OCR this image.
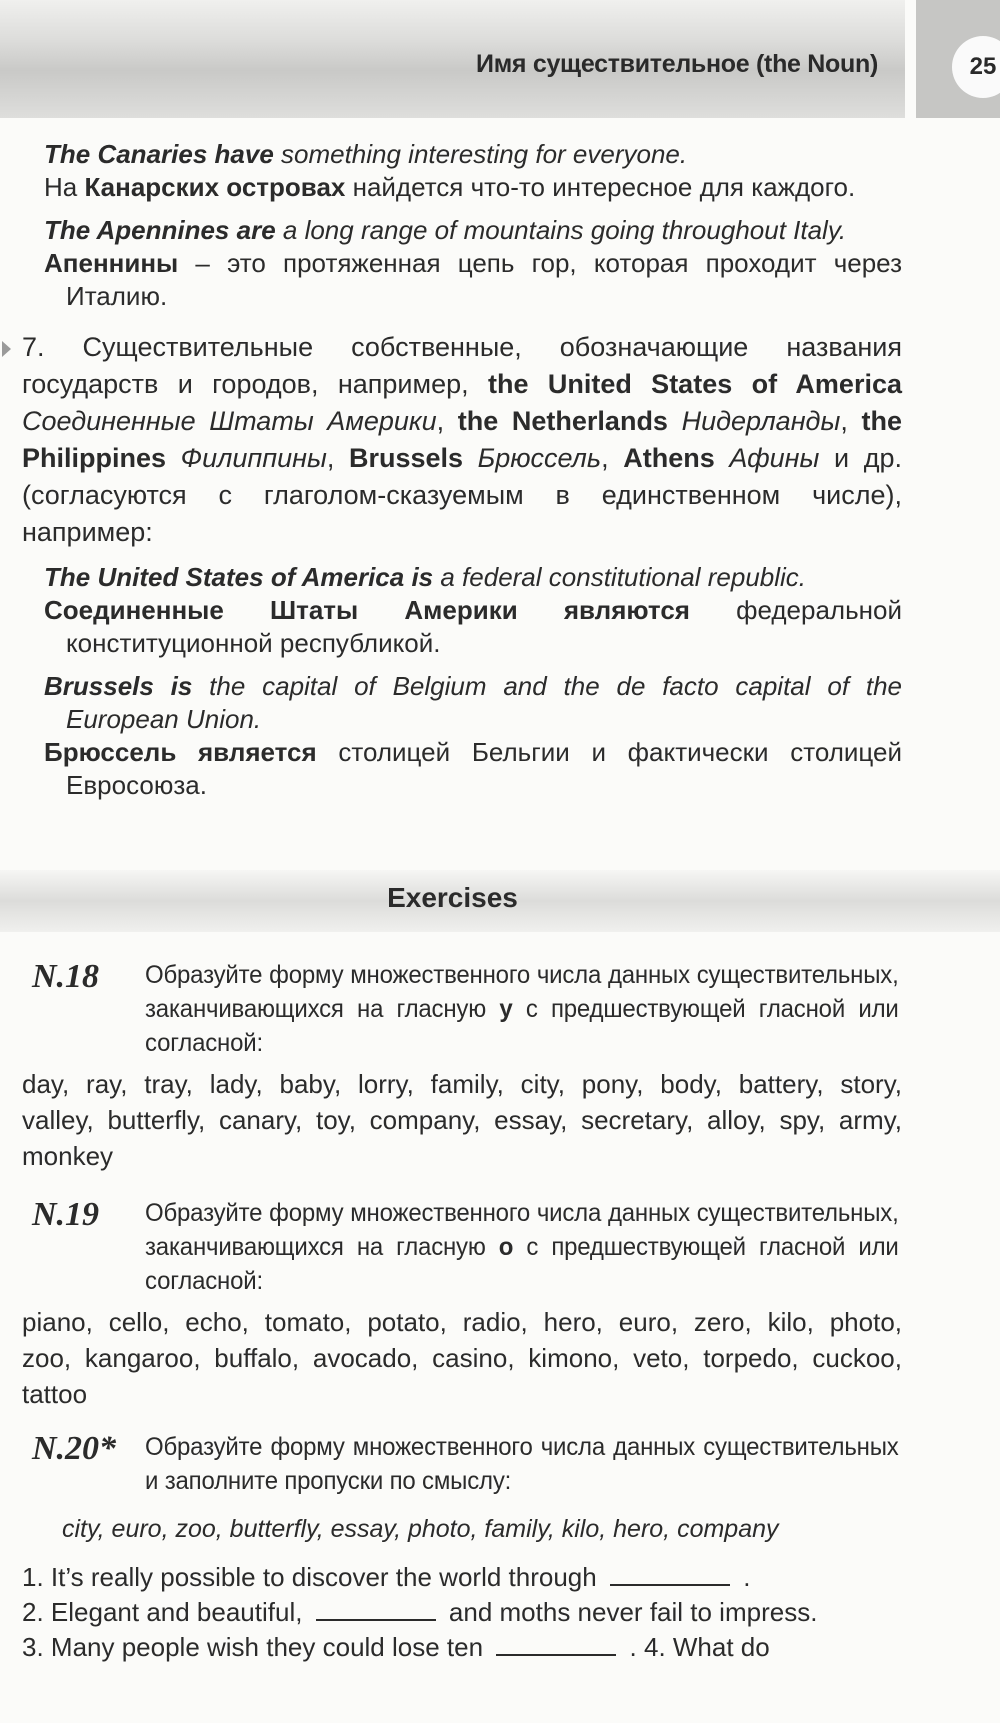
Имя существительное (the Noun)	25

The Canaries have something interesting for everyone.

На Канарских островах найдется что-то интересное для каждого.

The Apennines are a long range of mountains going throughout Italy.

Апеннины – это протяженная цепь гор, которая проходит через Италию.

7. Существительные собственные, обозначающие названия государств и городов, например, the United States of America Соединенные Штаты Америки, the Netherlands Нидерланды, the Philippines Филиппины, Brussels Брюссель, Athens Афины и др. (согласуются с глаголом-сказуемым в единственном числе), например:

The United States of America is a federal constitutional republic.

Соединенные Штаты Америки являются федеральной конституционной республикой.

Brussels is the capital of Belgium and the de facto capital of the European Union.

Брюссель является столицей Бельгии и фактически столицей Евросоюза.

Exercises
N.18 Образуйте форму множественного числа данных существительных, заканчивающихся на гласную y с предшествующей гласной или согласной:

day, ray, tray, lady, baby, lorry, family, city, pony, body, battery, story, valley, butterfly, canary, toy, company, essay, secretary, alloy, spy, army, monkey

N.19 Образуйте форму множественного числа данных существительных, заканчивающихся на гласную o с предшествующей гласной или согласной:

piano, cello, echo, tomato, potato, radio, hero, euro, zero, kilo, photo, zoo, kangaroo, buffalo, avocado, casino, kimono, veto, torpedo, cuckoo, tattoo

N.20* Образуйте форму множественного числа данных существительных и заполните пропуски по смыслу:

city, euro, zoo, butterfly, essay, photo, family, kilo, hero, company

1. It’s really possible to discover the world through	.
2. Elegant and beautiful,	and moths never fail to impress.
3. Many people wish they could lose ten	. 4. What do
